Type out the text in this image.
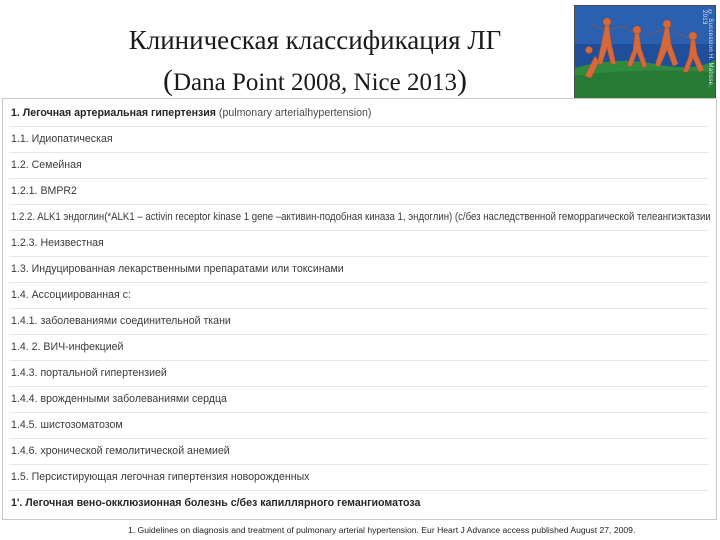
Клиническая классификация ЛГ
(Dana Point 2008, Nice 2013)	© Succession H. Matisse, 2013
1. Легочная артериальная гипертензия (pulmonary arterialhypertension)
1.1. Идиопатическая
1.2. Семейная
1.2.1. BMPR2
1.2.2. ALK1 эндоглин(*ALK1 – activin receptor kinase 1 gene –активин-подобная киназа 1, эндоглин) (с/без наследственной геморрагической телеангиэктазии
1.2.3. Неизвестная
1.3. Индуцированная лекарственными препаратами или токсинами
1.4. Ассоциированная с:
1.4.1. заболеваниями соединительной ткани
1.4. 2. ВИЧ-инфекцией
1.4.3. портальной гипертензией
1.4.4. врожденными заболеваниями сердца
1.4.5. шистозоматозом
1.4.6. хронической гемолитической анемией
1.5. Персистирующая легочная гипертензия новорожденных
1'. Легочная вено-окклюзионная болезнь с/без капиллярного гемангиоматоза
1. Guidelines on diagnosis and treatment of pulmonary arterial hypertension. Eur Heart J Advance access published August 27, 2009.
